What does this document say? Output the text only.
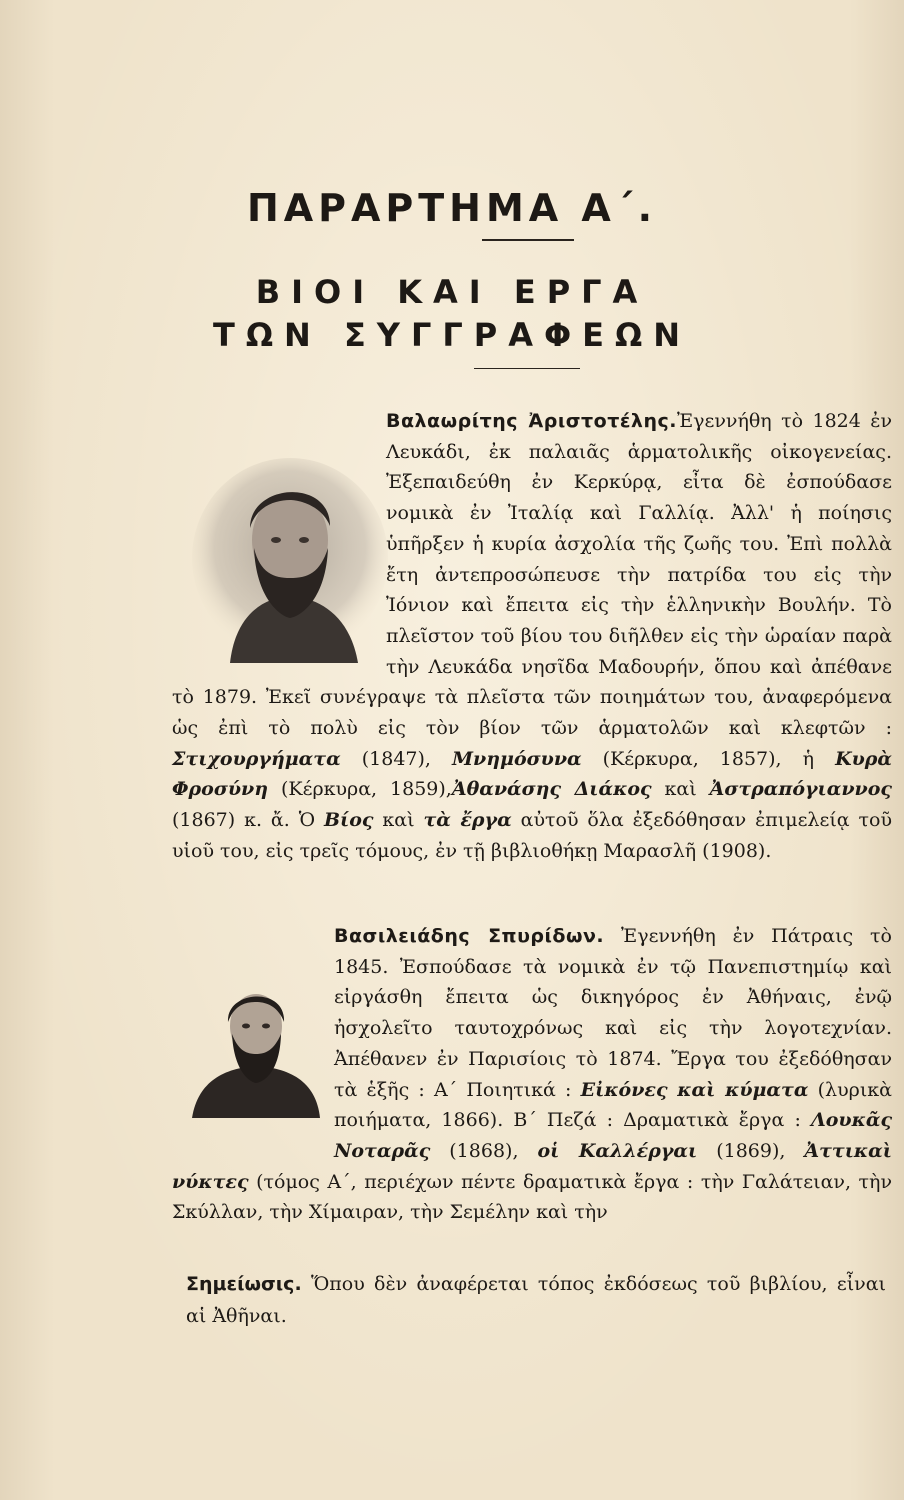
ΠΑΡΑΡΤΗΜΑ Α΄.
ΒΙΟΙ ΚΑΙ ΕΡΓΑ
ΤΩΝ ΣΥΓΓΡΑΦΕΩΝ
Βαλαωρίτης Ἀριστοτέλης.Ἐγεννήθη τὸ 1824 ἐν Λευκάδι, ἐκ παλαιᾶς ἁρματολικῆς οἰκογενείας. Ἐξεπαιδεύθη ἐν Κερκύρᾳ, εἶτα δὲ ἐσπούδασε νομικὰ ἐν Ἰταλίᾳ καὶ Γαλλίᾳ. Ἀλλ' ἡ ποίησις ὑπῆρξεν ἡ κυρία ἀσχολία τῆς ζωῆς του. Ἐπὶ πολλὰ ἔτη ἀντεπροσώπευσε τὴν πατρίδα του εἰς τὴν Ἰόνιον καὶ ἔπειτα εἰς τὴν ἑλληνικὴν Βουλήν. Τὸ πλεῖστον τοῦ βίου του διῆλθεν εἰς τὴν ὡραίαν παρὰ τὴν Λευκάδα νησῖδα Μαδουρήν, ὅπου καὶ ἀπέθανε τὸ 1879. Ἐκεῖ συνέγραψε τὰ πλεῖστα τῶν ποιημάτων του, ἀναφερόμενα ὡς ἐπὶ τὸ πολὺ εἰς τὸν βίον τῶν ἁρματολῶν καὶ κλεφτῶν : Στιχουργήματα (1847), Μνημόσυνα (Κέρκυρα, 1857), ἡ Κυρὰ Φροσύνη (Κέρκυρα, 1859),Ἀθανάσης Διάκος καὶ Ἀστραπόγιαννος (1867) κ. ἄ. Ὁ Βίος καὶ τὰ ἔργα αὐτοῦ ὅλα ἐξεδόθησαν ἐπιμελείᾳ τοῦ υἱοῦ του, εἰς τρεῖς τόμους, ἐν τῇ βιβλιοθήκῃ Μαρασλῆ (1908).
Βασιλειάδης Σπυρίδων. Ἐγεννήθη ἐν Πάτραις τὸ 1845. Ἐσπούδασε τὰ νομικὰ ἐν τῷ Πανεπιστημίῳ καὶ εἰργάσθη ἔπειτα ὡς δικηγόρος ἐν Ἀθήναις, ἐνῷ ἠσχολεῖτο ταυτοχρόνως καὶ εἰς τὴν λογοτεχνίαν. Ἀπέθανεν ἐν Παρισίοις τὸ 1874. Ἔργα του ἐξεδόθησαν τὰ ἑξῆς : Α΄ Ποιητικά : Εἰκόνες καὶ κύματα (λυρικὰ ποιήματα, 1866). Β΄ Πεζά : Δραματικὰ ἔργα : Λουκᾶς Νοταρᾶς (1868), οἱ Καλλέργαι (1869), Ἀττικαὶ νύκτες (τόμος Α΄, περιέχων πέντε δραματικὰ ἔργα : τὴν Γαλάτειαν, τὴν Σκύλλαν, τὴν Χίμαιραν, τὴν Σεμέλην καὶ τὴν
Σημείωσις. Ὅπου δὲν ἀναφέρεται τόπος ἐκδόσεως τοῦ βιβλίου, εἶναι αἱ Ἀθῆναι.
